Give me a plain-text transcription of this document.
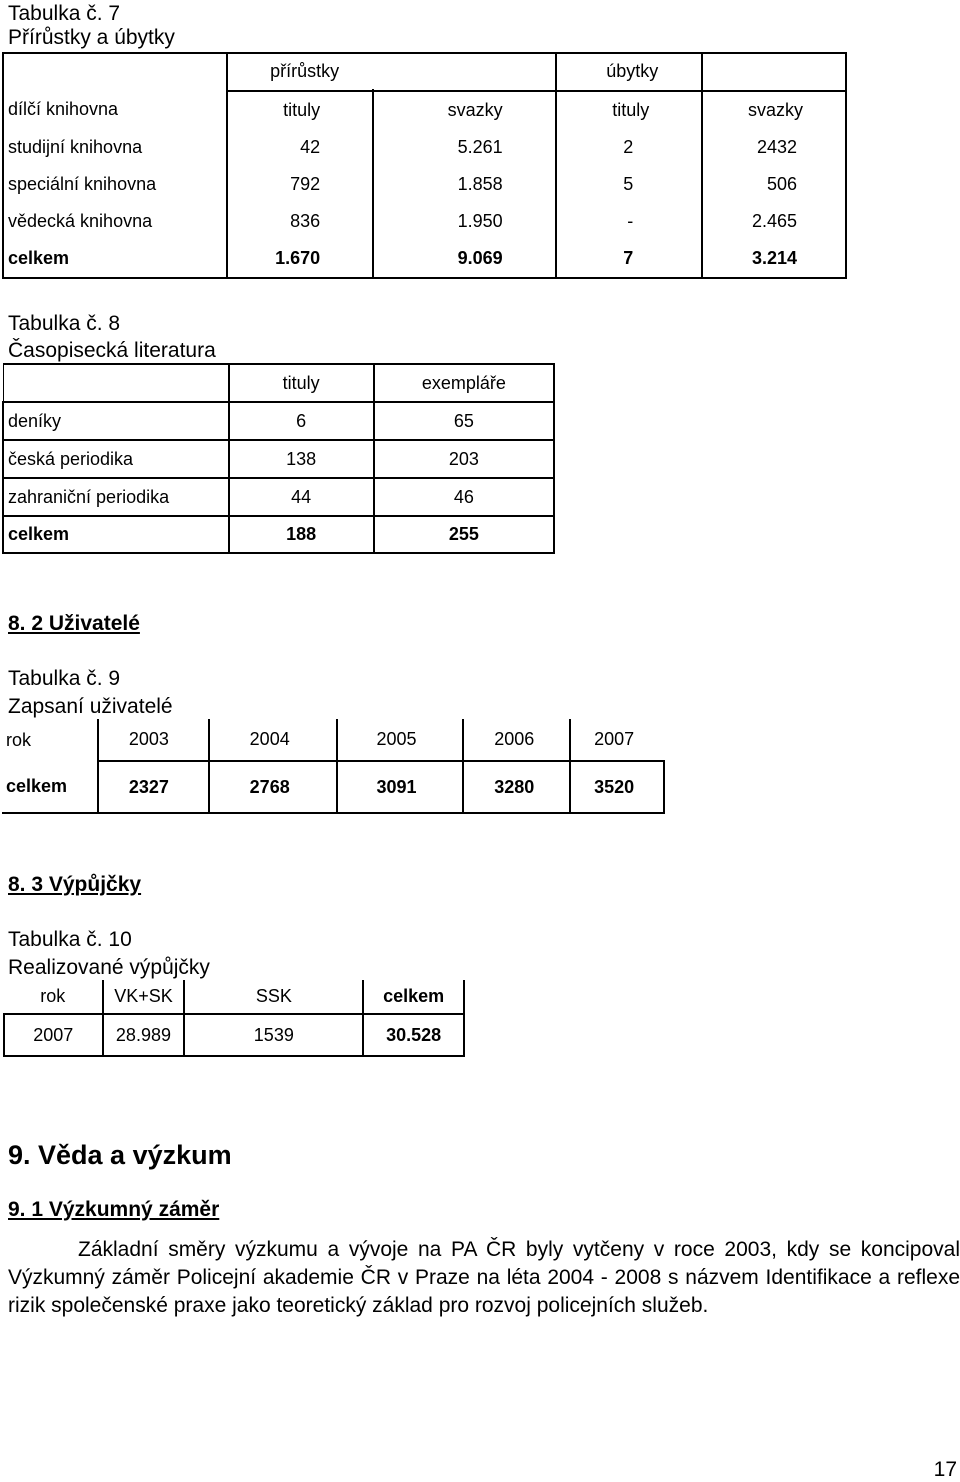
Tabulka č. 7
Přírůstky a úbytky
	přírůstky		úbytky	

dílčí knihovna	tituly	svazky	tituly	svazky
studijní knihovna	42	5.261	2	2432
speciální knihovna	792	1.858	5	506
vědecká knihovna	836	1.950	-	2.465
celkem	1.670	9.069	7	3.214
Tabulka č. 8
Časopisecká literatura
	tituly	exempláře
deníky	6	65
česká periodika	138	203
zahraniční periodika	44	46
celkem	188	255
8. 2 Uživatelé
Tabulka č. 9
Zapsaní uživatelé
rok	2003	2004	2005	2006	2007
celkem	2327	2768	3091	3280	3520
8. 3 Výpůjčky
Tabulka č. 10
Realizované výpůjčky
rok	VK+SK	SSK	celkem
2007	28.989	1539	30.528
9. Věda a výzkum
9. 1 Výzkumný záměr
Základní směry výzkumu a vývoje na PA ČR byly vytčeny v roce 2003, kdy se koncipoval Výzkumný záměr Policejní akademie ČR v Praze na léta 2004 - 2008 s názvem Identifikace a reflexe rizik společenské praxe jako teoretický základ pro rozvoj policejních služeb.
17
